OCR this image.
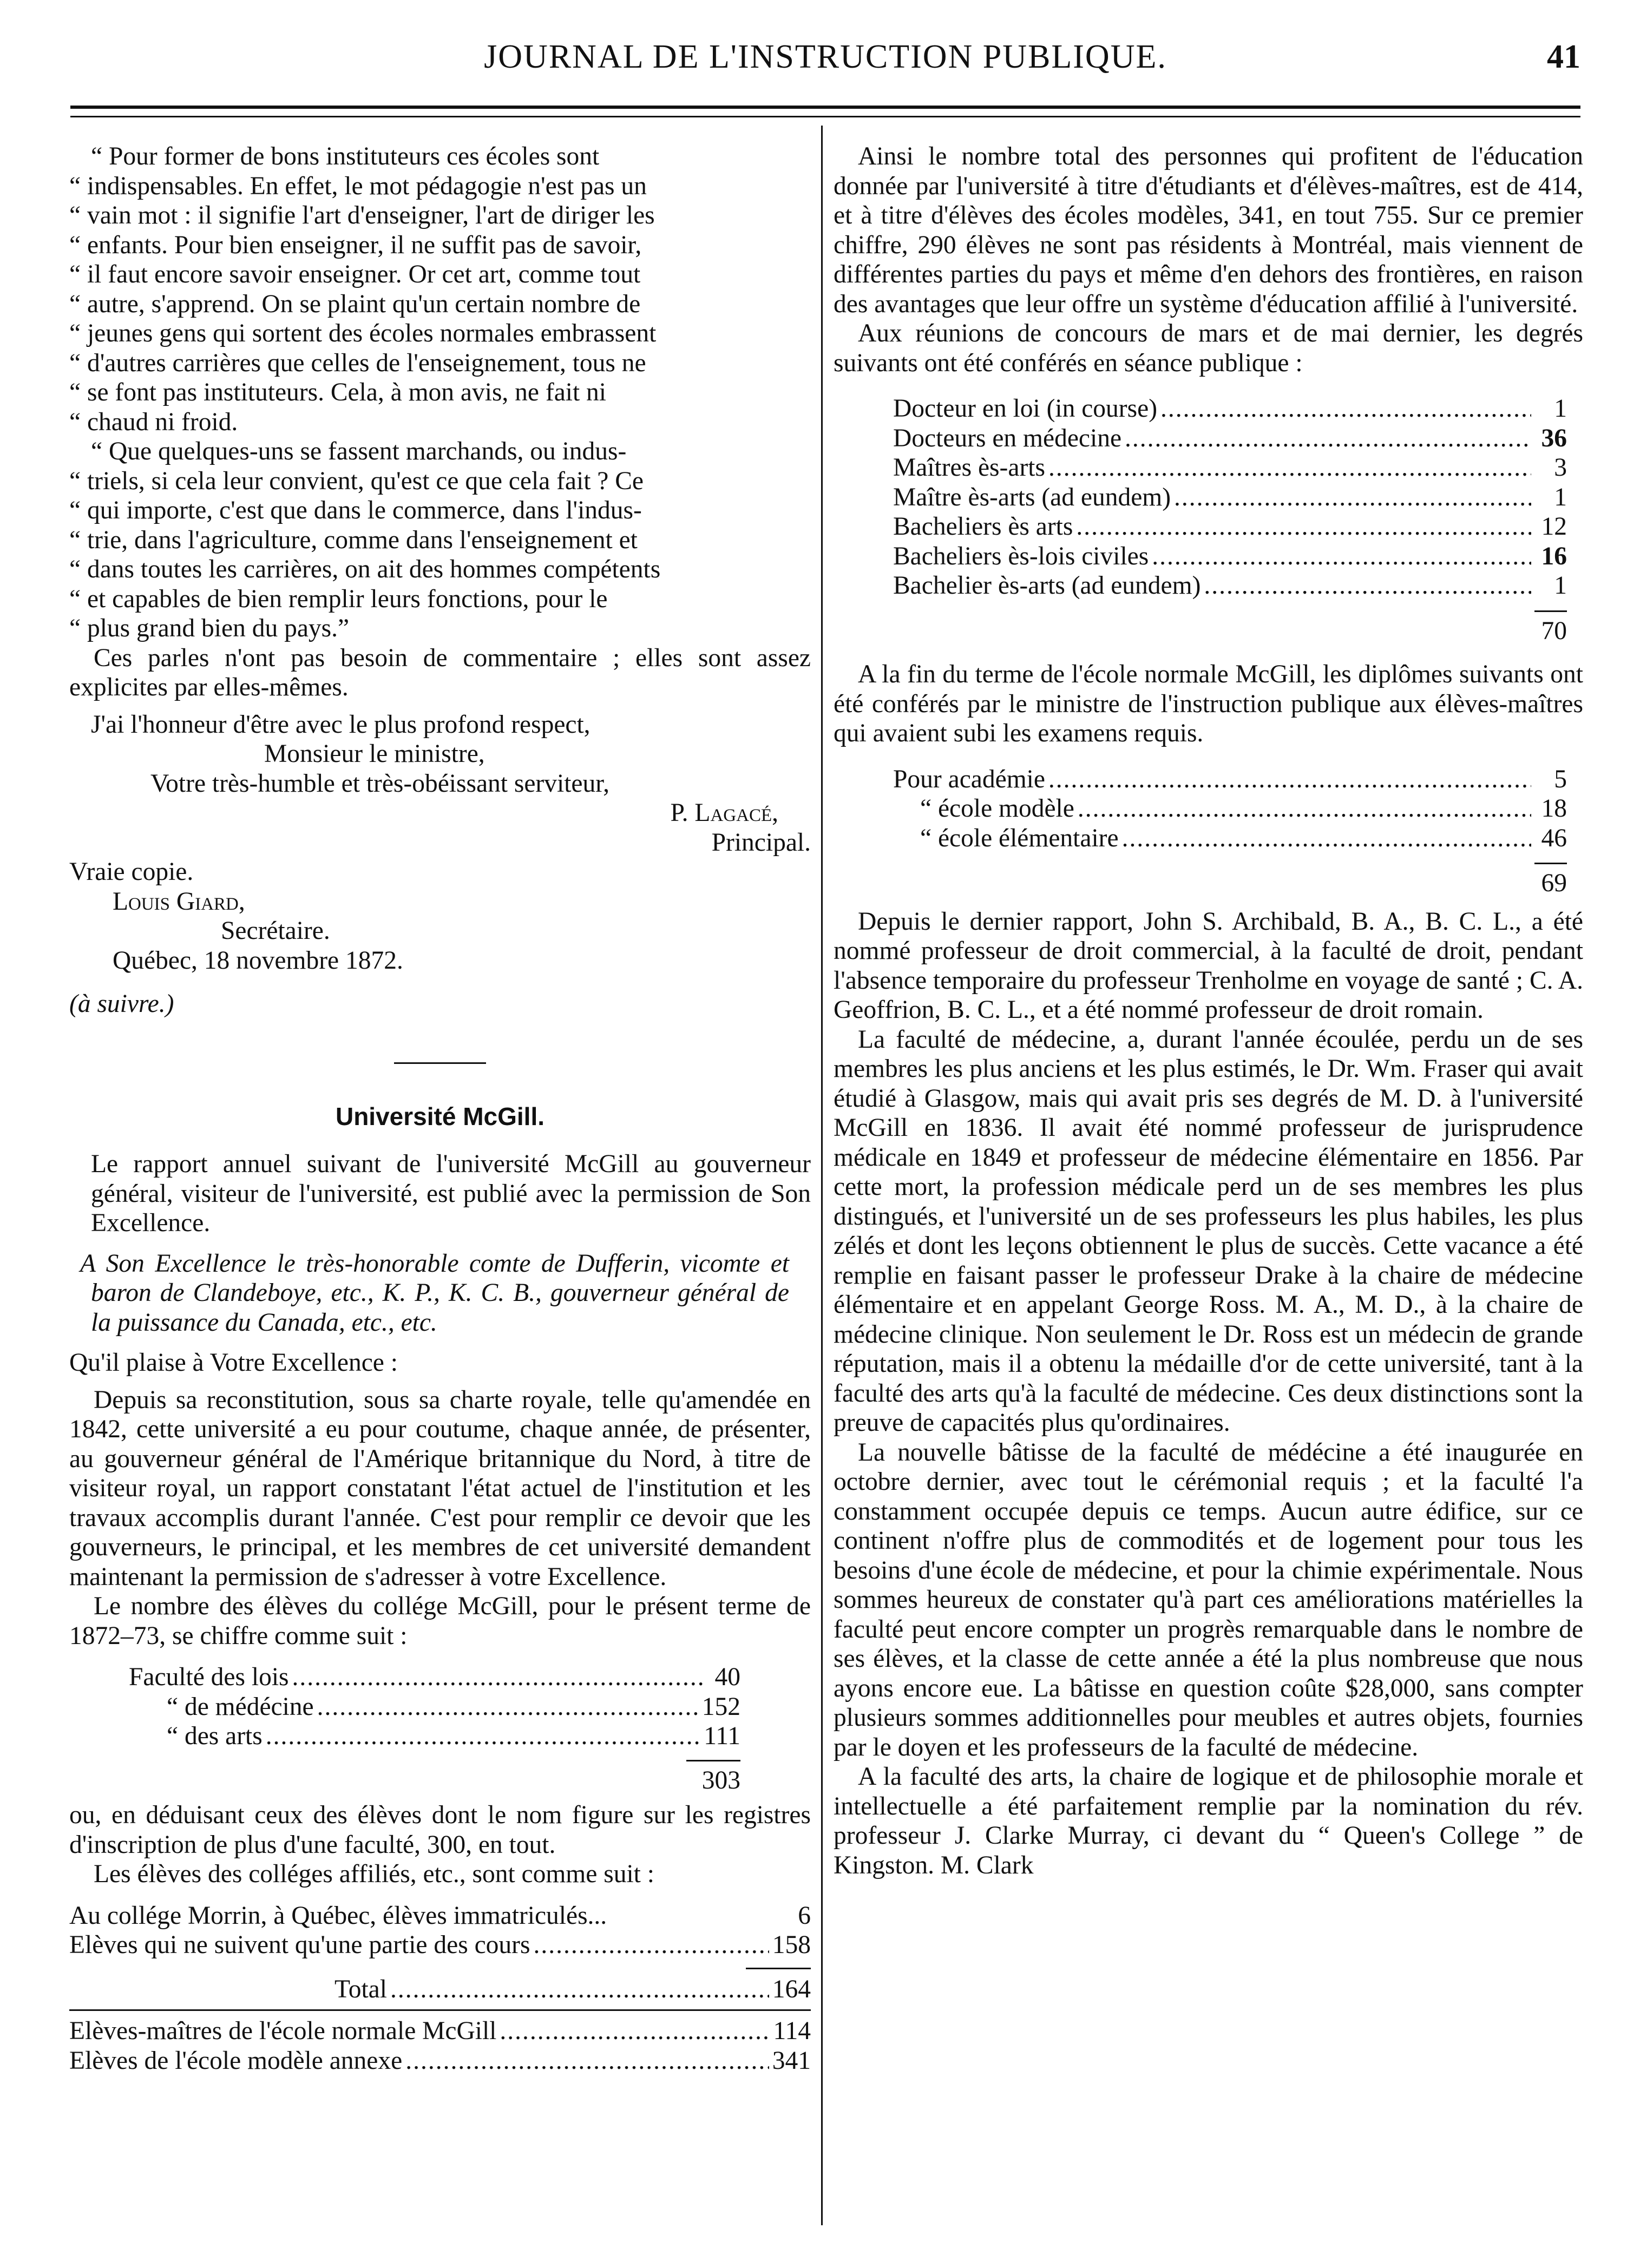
JOURNAL DE L'INSTRUCTION PUBLIQUE.	41

“ Pour former de bons instituteurs ces écoles sont

“ indispensables. En effet, le mot pédagogie n'est pas un

“ vain mot : il signifie l'art d'enseigner, l'art de diriger les

“ enfants. Pour bien enseigner, il ne suffit pas de savoir,

“ il faut encore savoir enseigner. Or cet art, comme tout

“ autre, s'apprend. On se plaint qu'un certain nombre de

“ jeunes gens qui sortent des écoles normales embrassent

“ d'autres carrières que celles de l'enseignement, tous ne

“ se font pas instituteurs. Cela, à mon avis, ne fait ni

“ chaud ni froid.

“ Que quelques-uns se fassent marchands, ou indus-

“ triels, si cela leur convient, qu'est ce que cela fait ? Ce

“ qui importe, c'est que dans le commerce, dans l'indus-

“ trie, dans l'agriculture, comme dans l'enseignement et

“ dans toutes les carrières, on ait des hommes compétents

“ et capables de bien remplir leurs fonctions, pour le

“ plus grand bien du pays.”

Ces parles n'ont pas besoin de commentaire ; elles sont assez explicites par elles-mêmes.

J'ai l'honneur d'être avec le plus profond respect,

Monsieur le ministre,

Votre très-humble et très-obéissant serviteur,

P. Lagacé,

Principal.

Vraie copie.

Louis Giard,

Secrétaire.

Québec, 18 novembre 1872.

(à suivre.)

Université McGill.

Le rapport annuel suivant de l'université McGill au gouverneur général, visiteur de l'université, est publié avec la permission de Son Excellence.

A Son Excellence le très-honorable comte de Dufferin, vicomte et baron de Clandeboye, etc., K. P., K. C. B., gouverneur général de la puissance du Canada, etc., etc.

Qu'il plaise à Votre Excellence :

Depuis sa reconstitution, sous sa charte royale, telle qu'amendée en 1842, cette université a eu pour coutume, chaque année, de présenter, au gouverneur général de l'Amérique britannique du Nord, à titre de visiteur royal, un rapport constatant l'état actuel de l'institution et les travaux accomplis durant l'année. C'est pour remplir ce devoir que les gouverneurs, le principal, et les membres de cet université demandent maintenant la permission de s'adresser à votre Excellence.

Le nombre des élèves du collége McGill, pour le présent terme de 1872–73, se chiffre comme suit :

Faculté des lois .....	40
“ de médécine .....	152
“ des arts .....	111
303

ou, en déduisant ceux des élèves dont le nom figure sur les registres d'inscription de plus d'une faculté, 300, en tout.

Les élèves des colléges affiliés, etc., sont comme suit :

Au collége Morrin, à Québec, élèves immatriculés...	6
Elèves qui ne suivent qu'une partie des cours .....	158
Total .....	164
Elèves-maîtres de l'école normale McGill .....	114
Elèves de l'école modèle annexe .....	341

Ainsi le nombre total des personnes qui profitent de l'éducation donnée par l'université à titre d'étudiants et d'élèves-maîtres, est de 414, et à titre d'élèves des écoles modèles, 341, en tout 755. Sur ce premier chiffre, 290 élèves ne sont pas résidents à Montréal, mais viennent de différentes parties du pays et même d'en dehors des frontières, en raison des avantages que leur offre un système d'éducation affilié à l'université.

Aux réunions de concours de mars et de mai dernier, les degrés suivants ont été conférés en séance publique :

Docteur en loi (in course) .....	1
Docteurs en médecine .....	36
Maîtres ès-arts .....	3
Maître ès-arts (ad eundem) .....	1
Bacheliers ès arts .....	12
Bacheliers ès-lois civiles .....	16
Bachelier ès-arts (ad eundem) .....	1
70

A la fin du terme de l'école normale McGill, les diplômes suivants ont été conférés par le ministre de l'instruction publique aux élèves-maîtres qui avaient subi les examens requis.

Pour académie .....	5
“ école modèle .....	18
“ école élémentaire .....	46
69

Depuis le dernier rapport, John S. Archibald, B. A., B. C. L., a été nommé professeur de droit commercial, à la faculté de droit, pendant l'absence temporaire du professeur Trenholme en voyage de santé ; C. A. Geoffrion, B. C. L., et a été nommé professeur de droit romain.

La faculté de médecine, a, durant l'année écoulée, perdu un de ses membres les plus anciens et les plus estimés, le Dr. Wm. Fraser qui avait étudié à Glasgow, mais qui avait pris ses degrés de M. D. à l'université McGill en 1836. Il avait été nommé professeur de jurisprudence médicale en 1849 et professeur de médecine élémentaire en 1856. Par cette mort, la profession médicale perd un de ses membres les plus distingués, et l'université un de ses professeurs les plus habiles, les plus zélés et dont les leçons obtiennent le plus de succès. Cette vacance a été remplie en faisant passer le professeur Drake à la chaire de médecine élémentaire et en appelant George Ross. M. A., M. D., à la chaire de médecine clinique. Non seulement le Dr. Ross est un médecin de grande réputation, mais il a obtenu la médaille d'or de cette université, tant à la faculté des arts qu'à la faculté de médecine. Ces deux distinctions sont la preuve de capacités plus qu'ordinaires.

La nouvelle bâtisse de la faculté de médécine a été inaugurée en octobre dernier, avec tout le cérémonial requis ; et la faculté l'a constamment occupée depuis ce temps. Aucun autre édifice, sur ce continent n'offre plus de commodités et de logement pour tous les besoins d'une école de médecine, et pour la chimie expérimentale. Nous sommes heureux de constater qu'à part ces améliorations matérielles la faculté peut encore compter un progrès remarquable dans le nombre de ses élèves, et la classe de cette année a été la plus nombreuse que nous ayons encore eue. La bâtisse en question coûte $28,000, sans compter plusieurs sommes additionnelles pour meubles et autres objets, fournies par le doyen et les professeurs de la faculté de médecine.

A la faculté des arts, la chaire de logique et de philosophie morale et intellectuelle a été parfaitement remplie par la nomination du rév. professeur J. Clarke Murray, ci devant du “ Queen's College ” de Kingston. M. Clark
